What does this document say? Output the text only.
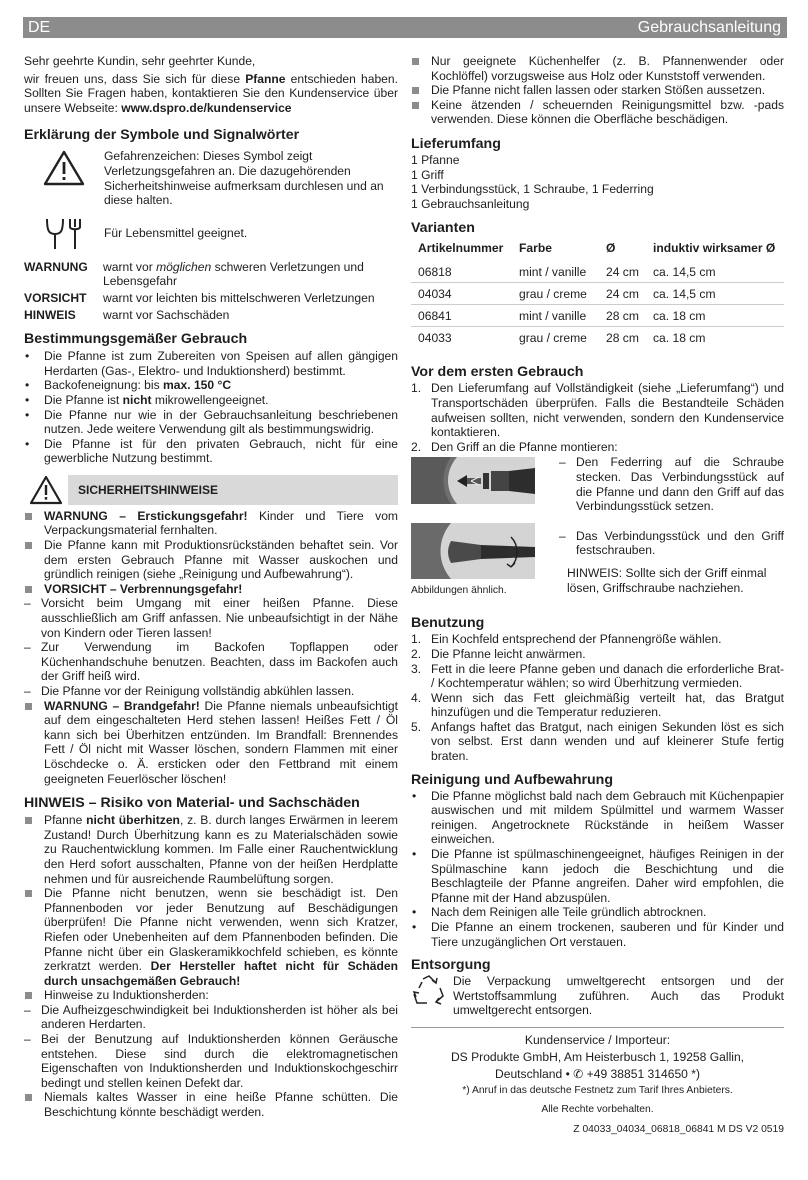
DE	Gebrauchsanleitung

Sehr geehrte Kundin, sehr geehrter Kunde,

wir freuen uns, dass Sie sich für diese Pfanne entschieden haben. Sollten Sie Fragen haben, kontaktieren Sie den Kundenservice über unsere Webseite: www.dspro.de/kundenservice

Erklärung der Symbole und Signalwörter
Gefahrenzeichen: Dieses Symbol zeigt Verletzungsgefahren an. Die dazugehörenden Sicherheitshinweise aufmerksam durchlesen und an diese halten.
Für Lebensmittel geeignet.
WARNUNG	warnt vor möglichen schweren Verletzungen und Lebensgefahr
VORSICHT	warnt vor leichten bis mittelschweren Verletzungen
HINWEIS	warnt vor Sachschäden
Bestimmungsgemäßer Gebrauch
• Die Pfanne ist zum Zubereiten von Speisen auf allen gängigen Herdarten (Gas-, Elektro- und Induktionsherd) bestimmt.
• Backofeneignung: bis max. 150 °C
• Die Pfanne ist nicht mikrowellengeeignet.
• Die Pfanne nur wie in der Gebrauchsanleitung beschriebenen nutzen. Jede weitere Verwendung gilt als bestimmungswidrig.
• Die Pfanne ist für den privaten Gebrauch, nicht für eine gewerbliche Nutzung bestimmt.
SICHERHEITSHINWEISE
WARNUNG – Erstickungsgefahr! Kinder und Tiere vom Verpackungsmaterial fernhalten.
Die Pfanne kann mit Produktionsrückständen behaftet sein. Vor dem ersten Gebrauch Pfanne mit Wasser auskochen und gründlich reinigen (siehe „Reinigung und Aufbewahrung“).
VORSICHT – Verbrennungsgefahr!
– Vorsicht beim Umgang mit einer heißen Pfanne. Diese ausschließlich am Griff anfassen. Nie unbeaufsichtigt in der Nähe von Kindern oder Tieren lassen!
– Zur Verwendung im Backofen Topflappen oder Küchenhandschuhe benutzen. Beachten, dass im Backofen auch der Griff heiß wird.
– Die Pfanne vor der Reinigung vollständig abkühlen lassen.
WARNUNG – Brandgefahr! Die Pfanne niemals unbeaufsichtigt auf dem eingeschalteten Herd stehen lassen! Heißes Fett / Öl kann sich bei Überhitzen entzünden. Im Brandfall: Brennendes Fett / Öl nicht mit Wasser löschen, sondern Flammen mit einer Löschdecke o. Ä. ersticken oder den Fettbrand mit einem geeigneten Feuerlöscher löschen!
HINWEIS – Risiko von Material- und Sachschäden
Pfanne nicht überhitzen, z. B. durch langes Erwärmen in leerem Zustand! Durch Überhitzung kann es zu Materialschäden sowie zu Rauchentwicklung kommen. Im Falle einer Rauchentwicklung den Herd sofort ausschalten, Pfanne von der heißen Herdplatte nehmen und für ausreichende Raumbelüftung sorgen.
Die Pfanne nicht benutzen, wenn sie beschädigt ist. Den Pfannenboden vor jeder Benutzung auf Beschädigungen überprüfen! Die Pfanne nicht verwenden, wenn sich Kratzer, Riefen oder Unebenheiten auf dem Pfannenboden befinden. Die Pfanne nicht über ein Glaskeramikkochfeld schieben, es könnte zerkratzt werden. Der Hersteller haftet nicht für Schäden durch unsachgemäßen Gebrauch!
Hinweise zu Induktionsherden:
– Die Aufheizgeschwindigkeit bei Induktionsherden ist höher als bei anderen Herdarten.
– Bei der Benutzung auf Induktionsherden können Geräusche entstehen. Diese sind durch die elektromagnetischen Eigenschaften von Induktionsherden und Induktionskochgeschirr bedingt und stellen keinen Defekt dar.
Niemals kaltes Wasser in eine heiße Pfanne schütten. Die Beschichtung könnte beschädigt werden.
Nur geeignete Küchenhelfer (z. B. Pfannenwender oder Kochlöffel) vorzugsweise aus Holz oder Kunststoff verwenden.
Die Pfanne nicht fallen lassen oder starken Stößen aussetzen.
Keine ätzenden / scheuernden Reinigungsmittel bzw. -pads verwenden. Diese können die Oberfläche beschädigen.
Lieferumfang

1 Pfanne

1 Griff

1 Verbindungsstück, 1 Schraube, 1 Federring

1 Gebrauchsanleitung

Varianten
Artikelnummer	Farbe	Ø	induktiv wirksamer Ø
06818	mint / vanille	24 cm	ca. 14,5 cm
04034	grau / creme	24 cm	ca. 14,5 cm
06841	mint / vanille	28 cm	ca. 18 cm
04033	grau / creme	28 cm	ca. 18 cm
Vor dem ersten Gebrauch
1. Den Lieferumfang auf Vollständigkeit (siehe „Lieferumfang“) und Transportschäden überprüfen. Falls die Bestandteile Schäden aufweisen sollten, nicht verwenden, sondern den Kundenservice kontaktieren.
2. Den Griff an die Pfanne montieren:
– Den Federring auf die Schraube stecken. Das Verbindungsstück auf die Pfanne und dann den Griff auf das Verbindungsstück setzen.
– Das Verbindungsstück und den Griff festschrauben.

HINWEIS: Sollte sich der Griff einmal lösen, Griffschraube nachziehen.

Abbildungen ähnlich.

Benutzung
1. Ein Kochfeld entsprechend der Pfannengröße wählen.
2. Die Pfanne leicht anwärmen.
3. Fett in die leere Pfanne geben und danach die erforderliche Brat- / Kochtemperatur wählen; so wird Überhitzung vermieden.
4. Wenn sich das Fett gleichmäßig verteilt hat, das Bratgut hinzufügen und die Temperatur reduzieren.
5. Anfangs haftet das Bratgut, nach einigen Sekunden löst es sich von selbst. Erst dann wenden und auf kleinerer Stufe fertig braten.
Reinigung und Aufbewahrung
• Die Pfanne möglichst bald nach dem Gebrauch mit Küchenpapier auswischen und mit mildem Spülmittel und warmem Wasser reinigen. Angetrocknete Rückstände in heißem Wasser einweichen.
• Die Pfanne ist spülmaschinengeeignet, häufiges Reinigen in der Spülmaschine kann jedoch die Beschichtung und die Beschlagteile der Pfanne angreifen. Daher wird empfohlen, die Pfanne mit der Hand abzuspülen.
• Nach dem Reinigen alle Teile gründlich abtrocknen.
• Die Pfanne an einem trockenen, sauberen und für Kinder und Tiere unzugänglichen Ort verstauen.
Entsorgung

Die Verpackung umweltgerecht entsorgen und der Wertstoffsammlung zuführen. Auch das Produkt umweltgerecht entsorgen.

Kundenservice / Importeur:

DS Produkte GmbH, Am Heisterbusch 1, 19258 Gallin,

Deutschland • ✆ +49 38851 314650 *)

*) Anruf in das deutsche Festnetz zum Tarif Ihres Anbieters.

Alle Rechte vorbehalten.

Z 04033_04034_06818_06841 M DS V2 0519
